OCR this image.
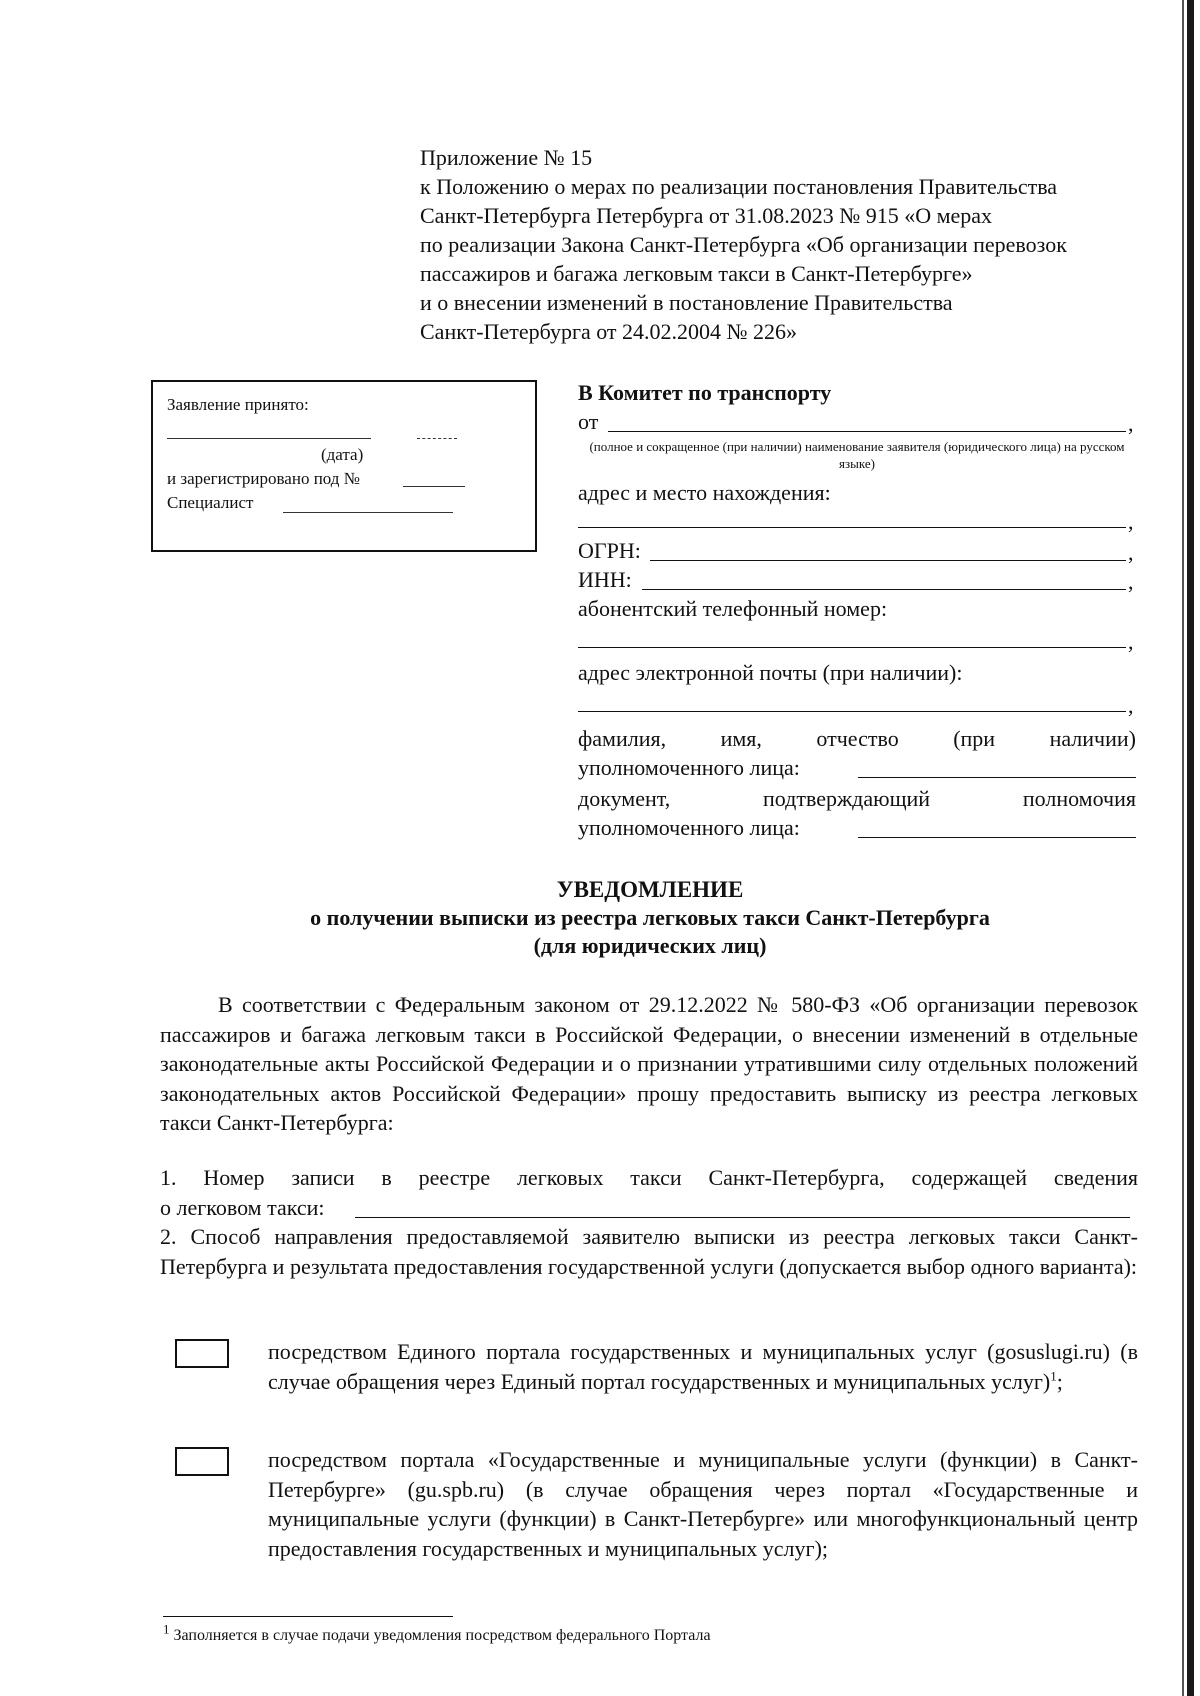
Приложение № 15
к Положению о мерах по реализации постановления Правительства
Санкт-Петербурга Петербурга от 31.08.2023 № 915 «О мерах
по реализации Закона Санкт-Петербурга «Об организации перевозок
пассажиров и багажа легковым такси в Санкт-Петербурге»
и о внесении изменений в постановление Правительства
Санкт-Петербурга от 24.02.2004 № 226»
Заявление принято:
(дата)
и зарегистрировано под №
Специалист
В Комитет по транспорту
от	,
(полное и сокращенное (при наличии) наименование заявителя (юридического лица) на русском языке)
адрес и место нахождения:
,
ОГРН:	,
ИНН:	,
абонентский телефонный номер:
,
адрес электронной почты (при наличии):
,
фамилия, имя, отчество (при наличии)
уполномоченного лица:
документ,	подтверждающий	полномочия
уполномоченного лица:
УВЕДОМЛЕНИЕ
о получении выписки из реестра легковых такси Санкт-Петербурга
(для юридических лиц)

В соответствии с Федеральным законом от 29.12.2022 № 580-ФЗ «Об организации перевозок пассажиров и багажа легковым такси в Российской Федерации, о внесении изменений в отдельные законодательные акты Российской Федерации и о признании утратившими силу отдельных положений законодательных актов Российской Федерации» прошу предоставить выписку из реестра легковых такси Санкт-Петербурга:

1. Номер записи в реестре легковых такси Санкт-Петербурга, содержащей сведения
о легковом такси:

2. Способ направления предоставляемой заявителю выписки из реестра легковых такси Санкт-Петербурга и результата предоставления государственной услуги (допускается выбор одного варианта):

посредством Единого портала государственных и муниципальных услуг (gosuslugi.ru) (в случае обращения через Единый портал государственных и муниципальных услуг)$^1$;
посредством портала «Государственные и муниципальные услуги (функции) в Санкт-Петербурге» (gu.spb.ru) (в случае обращения через портал «Государственные и муниципальные услуги (функции) в Санкт-Петербурге» или многофункциональный центр предоставления государственных и муниципальных услуг);
$^1$ Заполняется в случае подачи уведомления посредством федерального Портала
